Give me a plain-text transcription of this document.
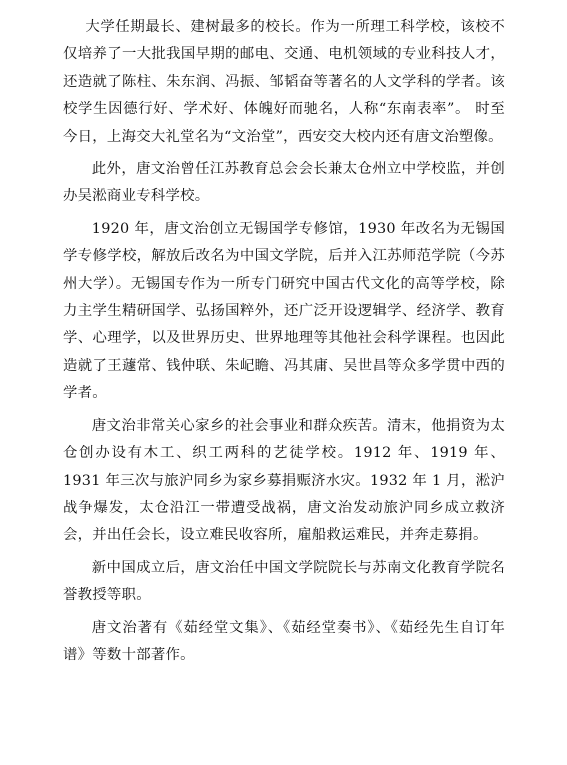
大学任期最长、建树最多的校长。作为一所理工科学校，该校不仅培养了一大批我国早期的邮电、交通、电机领域的专业科技人才，还造就了陈柱、朱东润、冯振、邹韬奋等著名的人文学科的学者。该校学生因德行好、学术好、体魄好而驰名，人称“东南表率”。 时至今日，上海交大礼堂名为“文治堂”，西安交大校内还有唐文治塑像。

此外，唐文治曾任江苏教育总会会长兼太仓州立中学校监，并创办吴淞商业专科学校。

1920 年，唐文治创立无锡国学专修馆，1930 年改名为无锡国学专修学校，解放后改名为中国文学院，后并入江苏师范学院（今苏州大学）。无锡国专作为一所专门研究中国古代文化的高等学校，除力主学生精研国学、弘扬国粹外，还广泛开设逻辑学、经济学、教育学、心理学，以及世界历史、世界地理等其他社会科学课程。也因此造就了王蘧常、钱仲联、朱屺瞻、冯其庸、吴世昌等众多学贯中西的学者。

唐文治非常关心家乡的社会事业和群众疾苦。清末，他捐资为太仓创办设有木工、织工两科的艺徒学校。1912 年、1919 年、1931 年三次与旅沪同乡为家乡募捐赈济水灾。1932 年 1 月，淞沪战争爆发，太仓沿江一带遭受战祸，唐文治发动旅沪同乡成立救济会，并出任会长，设立难民收容所，雇船救运难民，并奔走募捐。

新中国成立后，唐文治任中国文学院院长与苏南文化教育学院名誉教授等职。

唐文治著有《茹经堂文集》、《茹经堂奏书》、《茹经先生自订年谱》等数十部著作。
